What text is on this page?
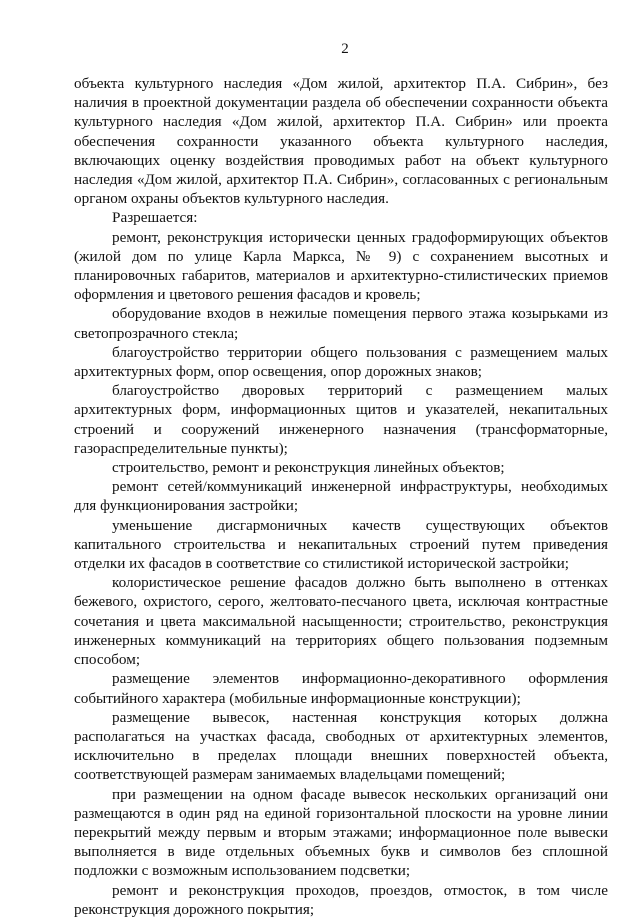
2

объекта культурного наследия «Дом жилой, архитектор П.А. Сибрин», без наличия в проектной документации раздела об обеспечении сохранности объекта культурного наследия «Дом жилой, архитектор П.А. Сибрин» или проекта обеспечения сохранности указанного объекта культурного наследия, включающих оценку воздействия проводимых работ на объект культурного наследия «Дом жилой, архитектор П.А. Сибрин», согласованных с региональным органом охраны объектов культурного наследия.

Разрешается:

ремонт, реконструкция исторически ценных градоформирующих объектов (жилой дом по улице Карла Маркса, № 9) с сохранением высотных и планировочных габаритов, материалов и архитектурно-стилистических приемов оформления и цветового решения фасадов и кровель;

оборудование входов в нежилые помещения первого этажа козырьками из светопрозрачного стекла;

благоустройство территории общего пользования с размещением малых архитектурных форм, опор освещения, опор дорожных знаков;

благоустройство дворовых территорий с размещением малых архитектурных форм, информационных щитов и указателей, некапитальных строений и сооружений инженерного назначения (трансформаторные, газораспределительные пункты);

строительство, ремонт и реконструкция линейных объектов;

ремонт сетей/коммуникаций инженерной инфраструктуры, необходимых для функционирования застройки;

уменьшение дисгармоничных качеств существующих объектов капитального строительства и некапитальных строений путем приведения отделки их фасадов в соответствие со стилистикой исторической застройки;

колористическое решение фасадов должно быть выполнено в оттенках бежевого, охристого, серого, желтовато-песчаного цвета, исключая контрастные сочетания и цвета максимальной насыщенности; строительство, реконструкция инженерных коммуникаций на территориях общего пользования подземным способом;

размещение элементов информационно-декоративного оформления событийного характера (мобильные информационные конструкции);

размещение вывесок, настенная конструкция которых должна располагаться на участках фасада, свободных от архитектурных элементов, исключительно в пределах площади внешних поверхностей объекта, соответствующей размерам занимаемых владельцами помещений;

при размещении на одном фасаде вывесок нескольких организаций они размещаются в один ряд на единой горизонтальной плоскости на уровне линии перекрытий между первым и вторым этажами; информационное поле вывески выполняется в виде отдельных объемных букв и символов без сплошной подложки с возможным использованием подсветки;

ремонт и реконструкция проходов, проездов, отмосток, в том числе реконструкция дорожного покрытия;
